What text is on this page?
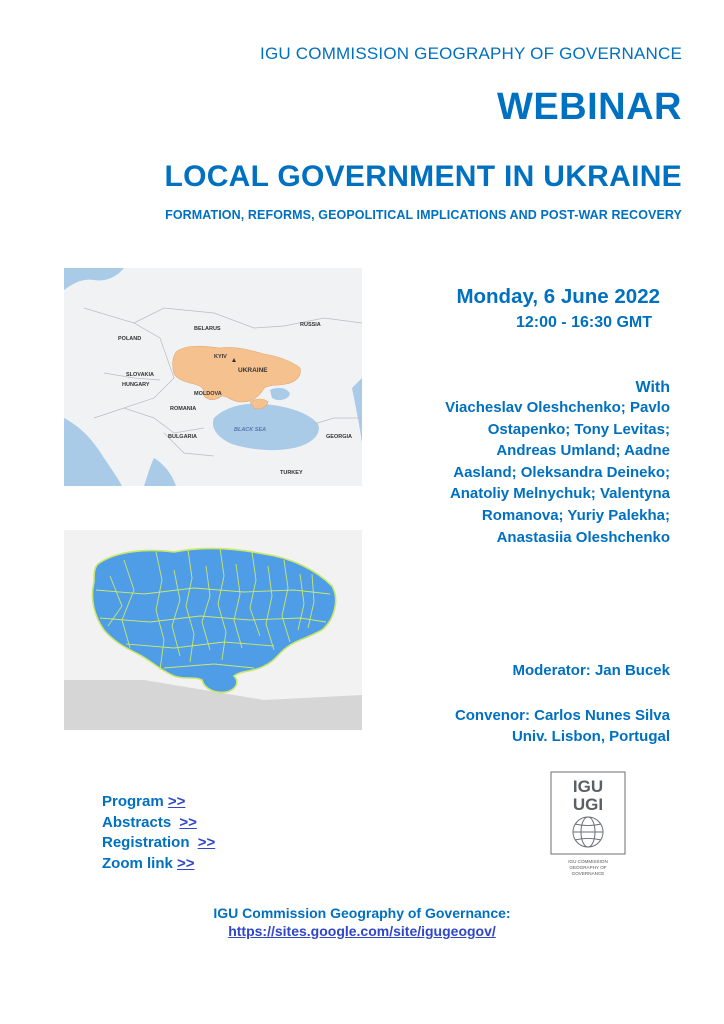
IGU COMMISSION GEOGRAPHY OF GOVERNANCE
WEBINAR
LOCAL GOVERNMENT IN UKRAINE
FORMATION, REFORMS, GEOPOLITICAL IMPLICATIONS AND POST-WAR RECOVERY
POLAND
BELARUS
RUSSIA
KYIV
UKRAINE
SLOVAKIA
HUNGARY
MOLDOVA
ROMANIA
BULGARIA
BLACK SEA
GEORGIA
TURKEY
Monday, 6 June 2022
12:00 - 16:30 GMT
With
Viacheslav Oleshchenko; Pavlo
Ostapenko; Tony Levitas;
Andreas Umland; Aadne
Aasland; Oleksandra Deineko;
Anatoliy Melnychuk; Valentyna
Romanova; Yuriy Palekha;
Anastasiia Oleshchenko
Moderator: Jan Bucek
Convenor: Carlos Nunes Silva
Univ. Lisbon, Portugal
IGU
UGI
IGU COMMISSION
GEOGRAPHY OF
GOVERNANCE
Program >>
Abstracts >>
Registration >>
Zoom link >>
IGU Commission Geography of Governance:
https://sites.google.com/site/igugeogov/
